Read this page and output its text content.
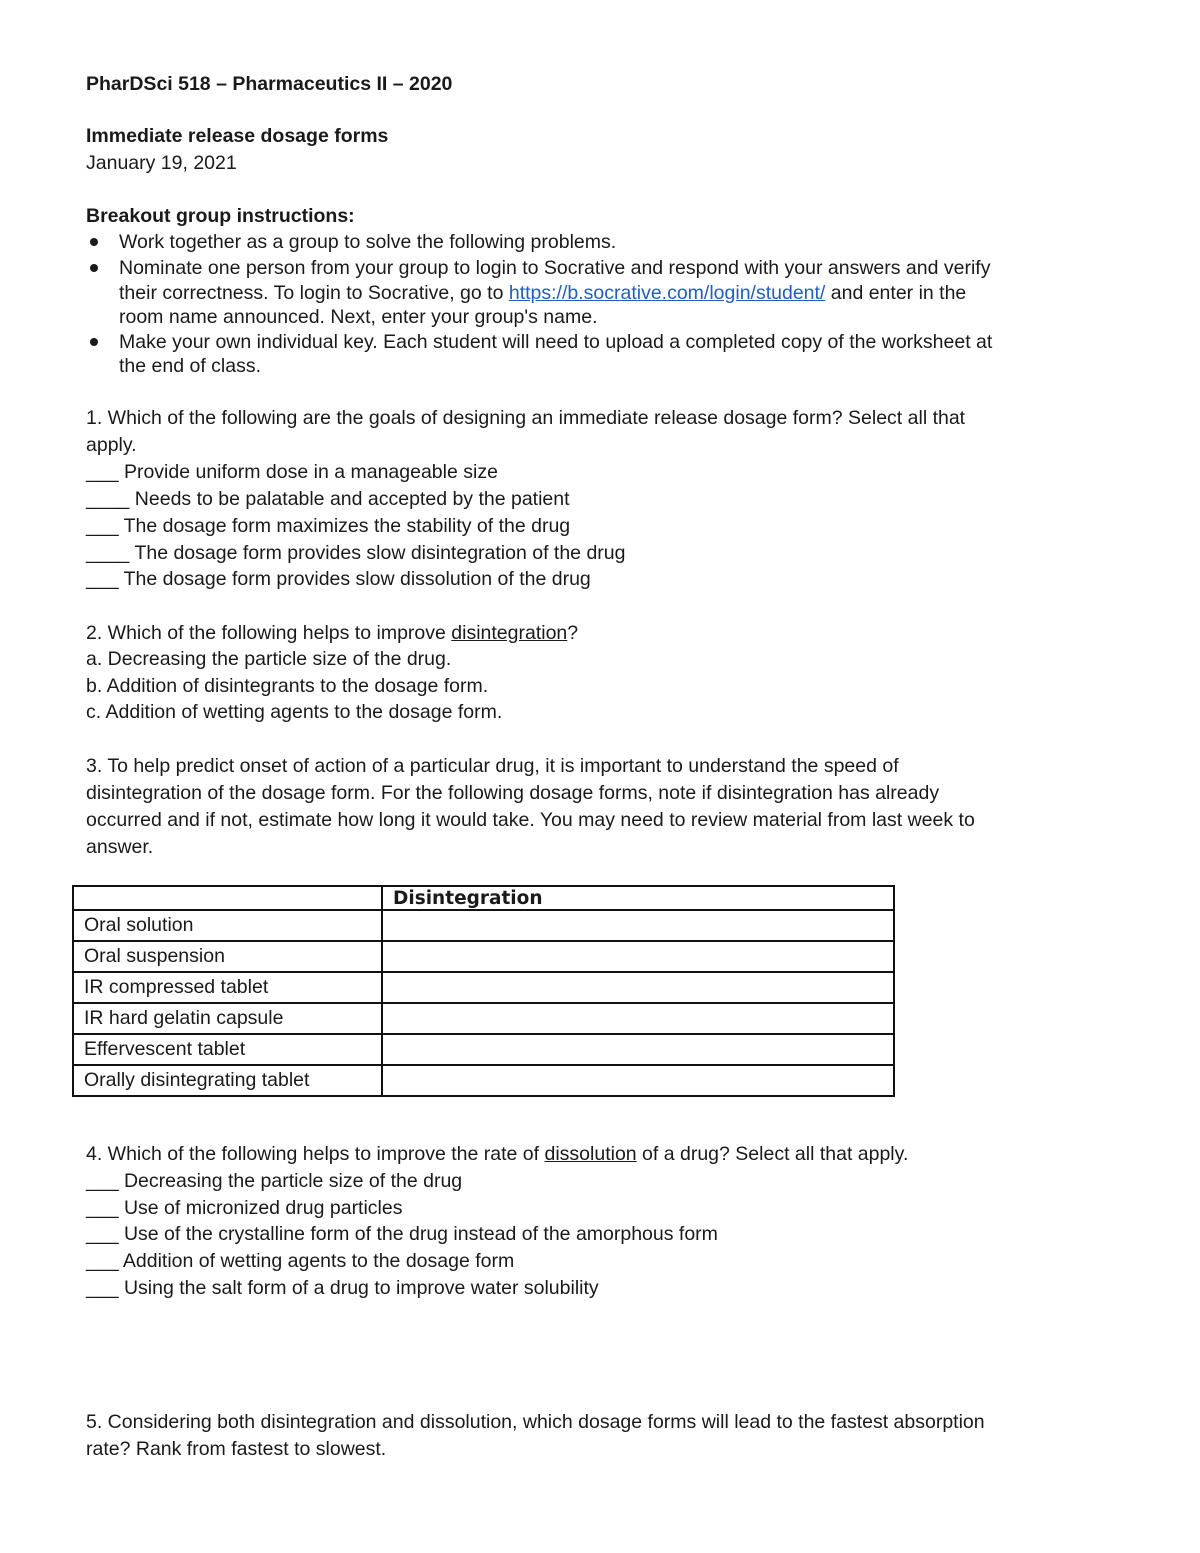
PharDSci 518 – Pharmaceutics II – 2020
Immediate release dosage forms
January 19, 2021
Breakout group instructions:
Work together as a group to solve the following problems.
Nominate one person from your group to login to Socrative and respond with your answers and verify
their correctness. To login to Socrative, go to https://b.socrative.com/login/student/ and enter in the
room name announced. Next, enter your group's name.
Make your own individual key. Each student will need to upload a completed copy of the worksheet at
the end of class.
1. Which of the following are the goals of designing an immediate release dosage form? Select all that
apply.
___ Provide uniform dose in a manageable size
____ Needs to be palatable and accepted by the patient
___ The dosage form maximizes the stability of the drug
____ The dosage form provides slow disintegration of the drug
___ The dosage form provides slow dissolution of the drug
2. Which of the following helps to improve disintegration?
a. Decreasing the particle size of the drug.
b. Addition of disintegrants to the dosage form.
c. Addition of wetting agents to the dosage form.
3. To help predict onset of action of a particular drug, it is important to understand the speed of
disintegration of the dosage form. For the following dosage forms, note if disintegration has already
occurred and if not, estimate how long it would take. You may need to review material from last week to
answer.
	Disintegration
Oral solution	
Oral suspension	
IR compressed tablet	
IR hard gelatin capsule	
Effervescent tablet	
Orally disintegrating tablet	
4. Which of the following helps to improve the rate of dissolution of a drug? Select all that apply.
___ Decreasing the particle size of the drug
___ Use of micronized drug particles
___ Use of the crystalline form of the drug instead of the amorphous form
___ Addition of wetting agents to the dosage form
___ Using the salt form of a drug to improve water solubility
5. Considering both disintegration and dissolution, which dosage forms will lead to the fastest absorption
rate? Rank from fastest to slowest.
